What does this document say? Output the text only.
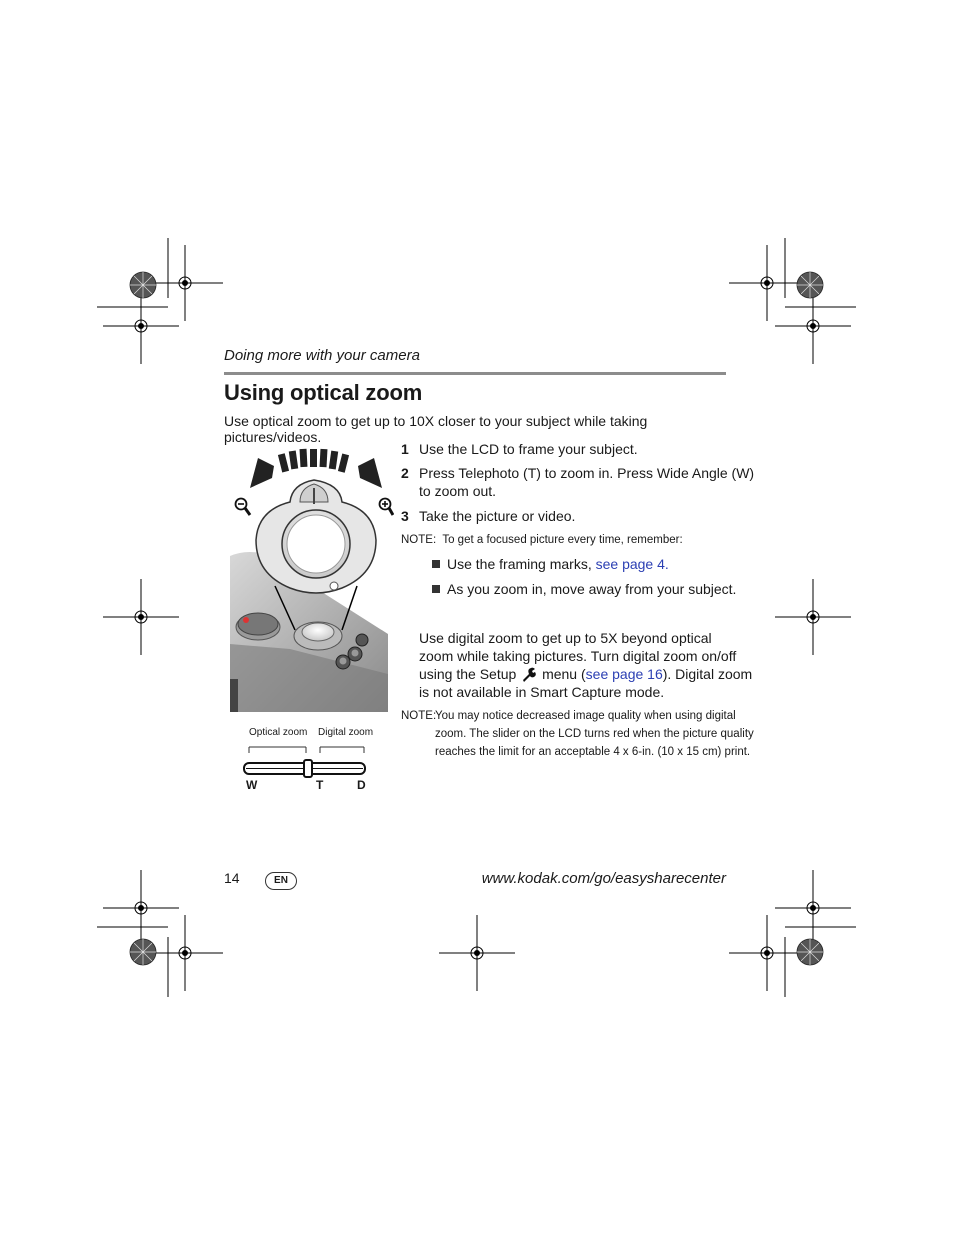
Doing more with your camera
Using optical zoom
Use optical zoom to get up to 10X closer to your subject while taking pictures/videos.
1 Use the LCD to frame your subject.
2 Press Telephoto (T) to zoom in. Press Wide Angle (W)
to zoom out.
3 Take the picture or video.
NOTE: To get a focused picture every time, remember:
Use the framing marks, see page 4.
As you zoom in, move away from your subject.
Use digital zoom to get up to 5X beyond optical
zoom while taking pictures. Turn digital zoom on/off
using the Setup  menu (see page 16). Digital zoom
is not available in Smart Capture mode.
NOTE:
You may notice decreased image quality when using digital
zoom. The slider on the LCD turns red when the picture quality
reaches the limit for an acceptable 4 x 6-in. (10 x 15 cm) print.
Optical zoom Digital zoom
W	T	D
14	EN	www.kodak.com/go/easysharecenter
